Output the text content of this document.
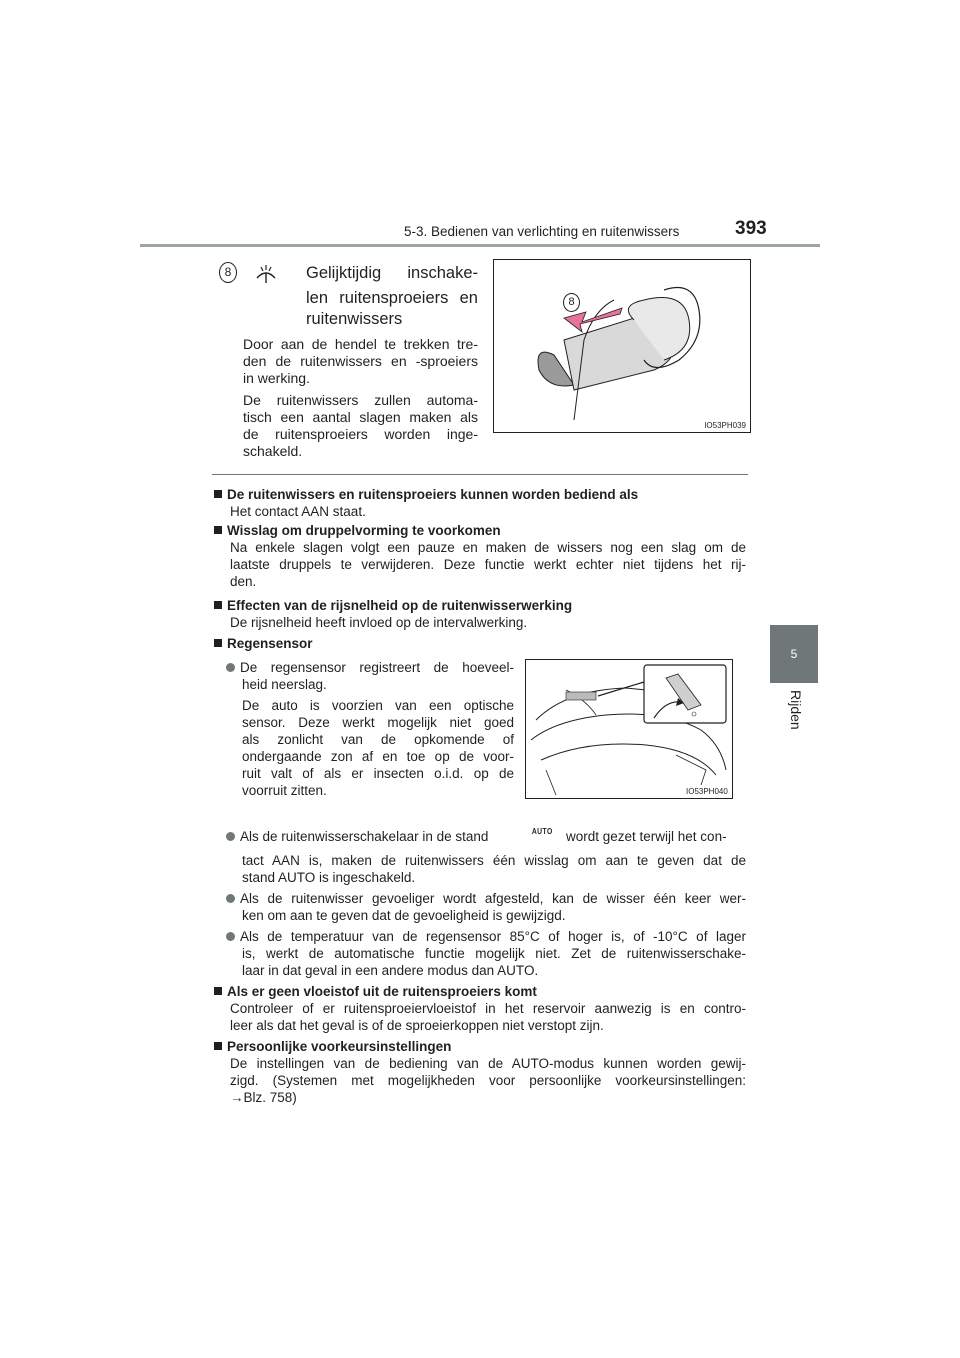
5-3. Bedienen van verlichting en ruitenwissers	393
5
Rijden
8	Gelijktijdig inschake-
len ruitensproeiers en
ruitenwissers
Door aan de hendel te trekken tre-
den de ruitenwissers en -sproeiers
in werking.
De ruitenwissers zullen automa-
tisch een aantal slagen maken als
de ruitensproeiers worden inge-
schakeld.
8
IO53PH039
De ruitenwissers en ruitensproeiers kunnen worden bediend als
Het contact AAN staat.
Wisslag om druppelvorming te voorkomen
Na enkele slagen volgt een pauze en maken de wissers nog een slag om de
laatste druppels te verwijderen. Deze functie werkt echter niet tijdens het rij-
den.
Effecten van de rijsnelheid op de ruitenwisserwerking
De rijsnelheid heeft invloed op de intervalwerking.
Regensensor
De regensensor registreert de hoeveel-
heid neerslag.
De auto is voorzien van een optische
sensor. Deze werkt mogelijk niet goed
als zonlicht van de opkomende of
ondergaande zon af en toe op de voor-
ruit valt of als er insecten o.i.d. op de
voorruit zitten.	IO53PH040
Als de ruitenwisserschakelaar in de stand	AUTO wordt gezet terwijl het con-
tact AAN is, maken de ruitenwissers één wisslag om aan te geven dat de
stand AUTO is ingeschakeld.
Als de ruitenwisser gevoeliger wordt afgesteld, kan de wisser één keer wer-
ken om aan te geven dat de gevoeligheid is gewijzigd.
Als de temperatuur van de regensensor 85°C of hoger is, of -10°C of lager
is, werkt de automatische functie mogelijk niet. Zet de ruitenwisserschake-
laar in dat geval in een andere modus dan AUTO.
Als er geen vloeistof uit de ruitensproeiers komt
Controleer of er ruitensproeiervloeistof in het reservoir aanwezig is en contro-
leer als dat het geval is of de sproeierkoppen niet verstopt zijn.
Persoonlijke voorkeursinstellingen
De instellingen van de bediening van de AUTO-modus kunnen worden gewij-
zigd. (Systemen met mogelijkheden voor persoonlijke voorkeursinstellingen:
→Blz. 758)
